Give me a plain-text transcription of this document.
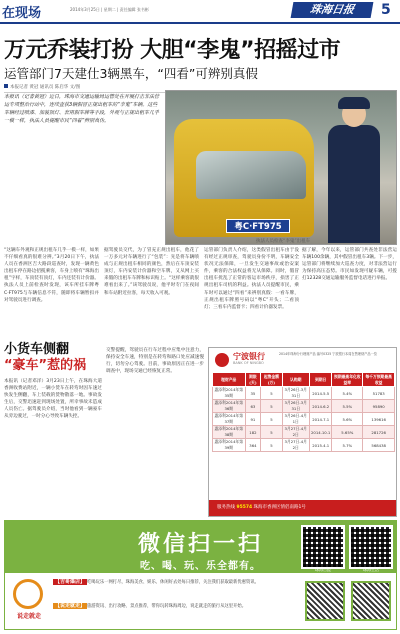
在现场	2014年3月25日 | 星期二 | 责任编辑 张书彬	珠海日报	5
万元乔装打扮 大胆“李鬼”招摇过市
运管部门7天建仕3辆黑车，“四看”可辨别真假
本报记者 黄冠 通讯员 陈启华 文/图
本报讯（记者黄冠）近日，珠海市交通运输局运管处在开展打击非法营运专项整治行动中，连续查获3辆假冒正规出租车的“李鬼”车辆。这些车辆经过喷漆、加装顶灯、套用假车牌等手段，外观与正规出租车几乎一模一样，执法人员提醒市民“四看”辨别真伪。
粤C·FT975
执法人员检查“李鬼”出租车
“这辆车外观和正规出租车几乎一模一样，如果不仔细看真的很难分辨。”3月20日下午，执法人员在香洲区吉大路段巡查时，发现一辆黄色出租车停在路边招揽乘客，车身上喷有“珠海出租”字样，车顶装有顶灯，车内还装有计价器。执法人员上前检查时发现，该车所挂车牌粤C·FT975与车辆信息不符，随即将车辆暂扣并对驾驶员进行调查。
据驾驶员交代，为了冒充正规出租车，他花了一万多元对车辆进行了“包装”：先是将车辆喷成与正规出租车相同的颜色，然后在车顶安装顶灯，车内安装计价器和空车牌，又从网上买来假的出租车车牌和标识贴上。“这样乘客就很难看出来了。”该驾驶员说，他平时专门在夜间和车站附近拉客，每天收入可观。
运管部门负责人介绍，这类假冒出租车由于没有经过正规审查，驾驶员身份不明，车辆安全状况无法保障，一旦发生交通事故或治安案件，乘客的合法权益将无从保障。同时，假冒出租车扰乱了正常的客运市场秩序，损害了正规出租车司机的利益。执法人员提醒市民，乘车时可以通过“四看”来辨别真假：一看车牌，正规出租车牌照号码以“粤C”开头；二看顶灯；三看车内监督卡；四看计价器发票。
据了解，今年以来，运管部门共查处非法营运车辆100余辆，其中假冒出租车3辆。下一步，运管部门将继续加大巡查力度，对非法营运行为保持高压态势。市民如发现可疑车辆，可拨打12328交通运输服务监督电话进行举报。
小货车侧翻
“豪车”惹的祸
本报讯（记者邓洋）3月23日上午，在珠海大道香洲收费站附近，一辆小货车在转弯时因车速过快发生侧翻，车上装载的货物散落一地。事故发生后，交警迅速赶到现场处置，所幸事故未造成人员伤亡。据驾驶员介绍，当时他看到一辆豪车从旁边驶过，一时分心导致车辆失控。
交警提醒，驾驶员在行车过程中应集中注意力，保持安全车速，特别是在转弯和路口处应减速慢行，切勿分心驾驶。目前，事故原因正在进一步调查中，现场交通已经恢复正常。
宁波银行
BANK OF NINGBO
2014年珠海分行理财产品 编号0325 宁波银行本周在售理财产品一览
理财产品	期限(天)	起售金额(万)	认购期	到期日	预期最高年化收益率	每千万预期最高收益
惠添利2014年第35期	35	5	3月26日-3月31日	2014.5.5	5.4%	51783
惠添利2014年第36期	63	5	3月26日-3月31日	2014.6.2	5.5%	95890
惠添利2014年第37期	91	5	3月26日-4月1日	2014.7.1	5.6%	139616
惠添利2014年第38期	182	5	3月27日-4月2日	2014.10.1	5.65%	281726
惠添利2014年第39期	364	5	3月27日-4月2日	2015.4.1	5.7%	568438
服务热线 95574 珠海市香洲区情侣南路1号
微信扫一扫
吃、喝、玩、乐全都有。	珠海日报	珠海生活
说走就走
【吉哥爆店】 吃喝玩乐一网打尽，珠海美食、娱乐、休闲好去处每日推荐，关注我们获取最新优惠资讯。
【说走就走】 旅游资讯、出行攻略、景点推荐，带你玩转珠海周边，说走就走的旅行从这里开始。
